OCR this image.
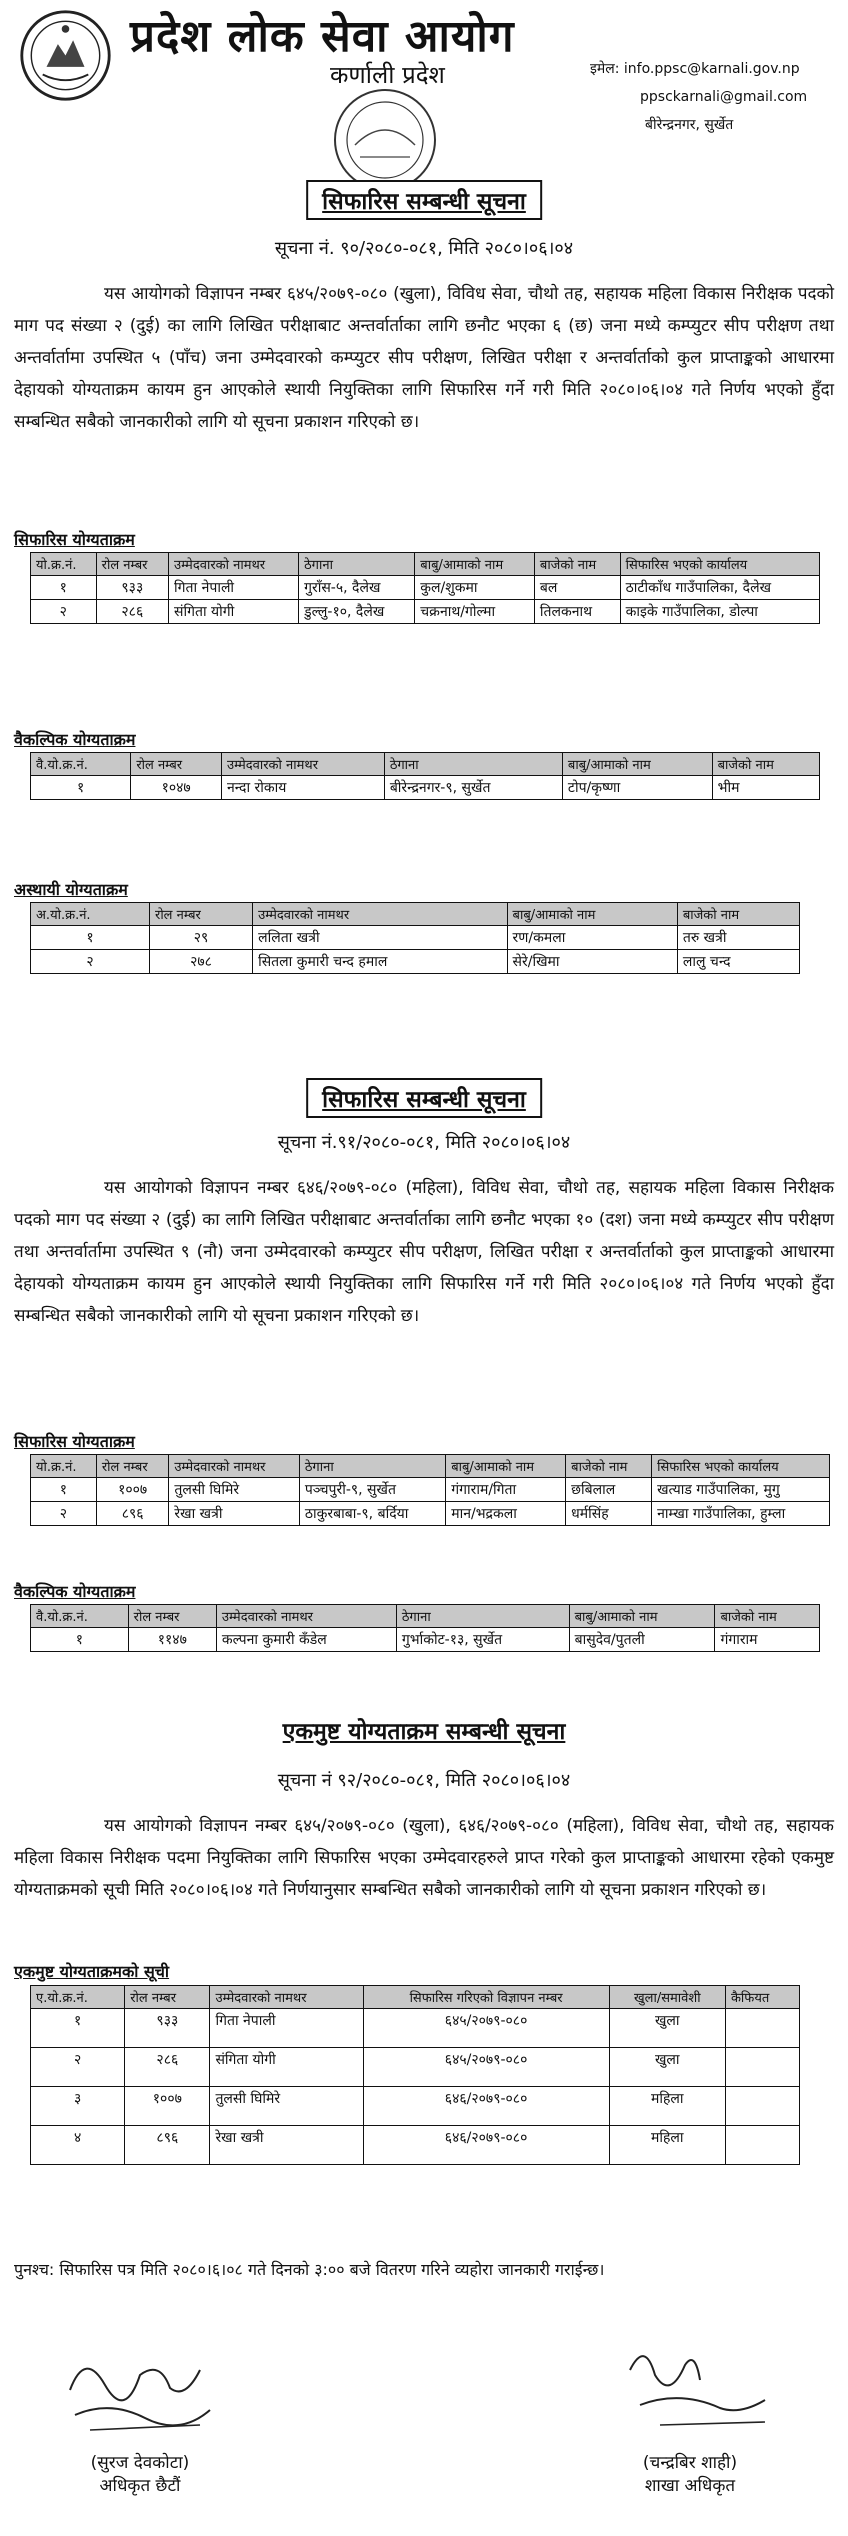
प्रदेश लोक सेवा आयोग
कर्णाली प्रदेश	इमेल: info.ppsc@karnali.gov.np
ppsckarnali@gmail.com
बीरेन्द्रनगर, सुर्खेत
सिफारिस सम्बन्धी सूचना
सूचना नं. ९०/२०८०-०८१, मिति २०८०।०६।०४
यस आयोगको विज्ञापन नम्बर ६४५/२०७९-०८० (खुला), विविध सेवा, चौथो तह, सहायक महिला विकास निरीक्षक पदको माग पद संख्या २ (दुई) का लागि लिखित परीक्षाबाट अन्तर्वार्ताका लागि छनौट भएका ६ (छ) जना मध्ये कम्प्युटर सीप परीक्षण तथा अन्तर्वार्तामा उपस्थित ५ (पाँच) जना उम्मेदवारको कम्प्युटर सीप परीक्षण, लिखित परीक्षा र अन्तर्वार्ताको कुल प्राप्ताङ्कको आधारमा देहायको योग्यताक्रम कायम हुन आएकोले स्थायी नियुक्तिका लागि सिफारिस गर्ने गरी मिति २०८०।०६।०४ गते निर्णय भएको हुँदा सम्बन्धित सबैको जानकारीको लागि यो सूचना प्रकाशन गरिएको छ।
सिफारिस योग्यताक्रम
यो.क्र.नं.	रोल नम्बर	उम्मेदवारको नामथर	ठेगाना	बाबु/आमाको नाम	बाजेको नाम	सिफारिस भएको कार्यालय
१	९३३	गिता नेपाली	गुराँस-५, दैलेख	कुल/शुकमा	बल	ठाटीकाँध गाउँपालिका, दैलेख
२	२८६	संगिता योगी	डुल्लु-१०, दैलेख	चक्रनाथ/गोल्मा	तिलकनाथ	काइके गाउँपालिका, डोल्पा
वैकल्पिक योग्यताक्रम
वै.यो.क्र.नं.	रोल नम्बर	उम्मेदवारको नामथर	ठेगाना	बाबु/आमाको नाम	बाजेको नाम
१	१०४७	नन्दा रोकाय	बीरेन्द्रनगर-९, सुर्खेत	टोप/कृष्णा	भीम
अस्थायी योग्यताक्रम
अ.यो.क्र.नं.	रोल नम्बर	उम्मेदवारको नामथर	बाबु/आमाको नाम	बाजेको नाम
१	२९	ललिता खत्री	रण/कमला	तरु खत्री
२	२७८	सितला कुमारी चन्द हमाल	सेरे/खिमा	लालु चन्द
सिफारिस सम्बन्धी सूचना
सूचना नं.९१/२०८०-०८१, मिति २०८०।०६।०४
यस आयोगको विज्ञापन नम्बर ६४६/२०७९-०८० (महिला), विविध सेवा, चौथो तह, सहायक महिला विकास निरीक्षक पदको माग पद संख्या २ (दुई) का लागि लिखित परीक्षाबाट अन्तर्वार्ताका लागि छनौट भएका १० (दश) जना मध्ये कम्प्युटर सीप परीक्षण तथा अन्तर्वार्तामा उपस्थित ९ (नौ) जना उम्मेदवारको कम्प्युटर सीप परीक्षण, लिखित परीक्षा र अन्तर्वार्ताको कुल प्राप्ताङ्कको आधारमा देहायको योग्यताक्रम कायम हुन आएकोले स्थायी नियुक्तिका लागि सिफारिस गर्ने गरी मिति २०८०।०६।०४ गते निर्णय भएको हुँदा सम्बन्धित सबैको जानकारीको लागि यो सूचना प्रकाशन गरिएको छ।
सिफारिस योग्यताक्रम
यो.क्र.नं.	रोल नम्बर	उम्मेदवारको नामथर	ठेगाना	बाबु/आमाको नाम	बाजेको नाम	सिफारिस भएको कार्यालय
१	१००७	तुलसी घिमिरे	पञ्चपुरी-९, सुर्खेत	गंगाराम/गिता	छबिलाल	खत्याड गाउँपालिका, मुगु
२	८९६	रेखा खत्री	ठाकुरबाबा-९, बर्दिया	मान/भद्रकला	धर्मसिंह	नाम्खा गाउँपालिका, हुम्ला
वैकल्पिक योग्यताक्रम
वै.यो.क्र.नं.	रोल नम्बर	उम्मेदवारको नामथर	ठेगाना	बाबु/आमाको नाम	बाजेको नाम
१	११४७	कल्पना कुमारी कँडेल	गुर्भाकोट-१३, सुर्खेत	बासुदेव/पुतली	गंगाराम
एकमुष्ट योग्यताक्रम सम्बन्धी सूचना
सूचना नं ९२/२०८०-०८१, मिति २०८०।०६।०४
यस आयोगको विज्ञापन नम्बर ६४५/२०७९-०८० (खुला), ६४६/२०७९-०८० (महिला), विविध सेवा, चौथो तह, सहायक महिला विकास निरीक्षक पदमा नियुक्तिका लागि सिफारिस भएका उम्मेदवारहरुले प्राप्त गरेको कुल प्राप्ताङ्कको आधारमा रहेको एकमुष्ट योग्यताक्रमको सूची मिति २०८०।०६।०४ गते निर्णयानुसार सम्बन्धित सबैको जानकारीको लागि यो सूचना प्रकाशन गरिएको छ।
एकमुष्ट योग्यताक्रमको सूची
ए.यो.क्र.नं.	रोल नम्बर	उम्मेदवारको नामथर	सिफारिस गरिएको विज्ञापन नम्बर	खुला/समावेशी	कैफियत
१	९३३	गिता नेपाली	६४५/२०७९-०८०	खुला	
२	२८६	संगिता योगी	६४५/२०७९-०८०	खुला	
३	१००७	तुलसी घिमिरे	६४६/२०७९-०८०	महिला	
४	८९६	रेखा खत्री	६४६/२०७९-०८०	महिला	
पुनश्च: सिफारिस पत्र मिति २०८०।६।०८ गते दिनको ३:०० बजे वितरण गरिने व्यहोरा जानकारी गराईन्छ।
(सुरज देवकोटा)
अधिकृत छैटौं
(चन्द्रबिर शाही)
शाखा अधिकृत
